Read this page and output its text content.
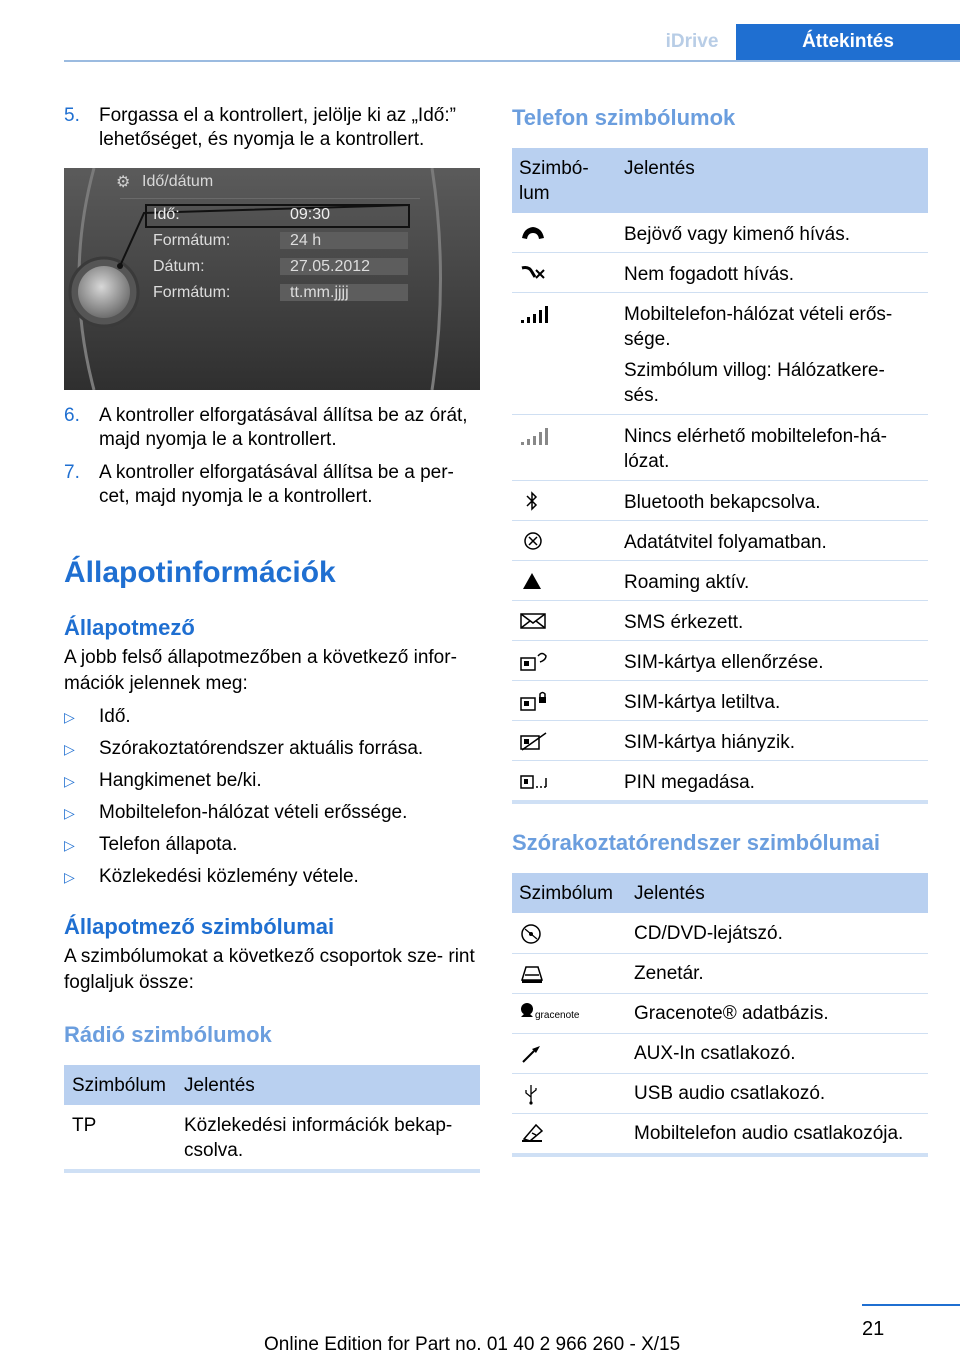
iDrive	Áttekintés
5. Forgassa el a kontrollert, jelölje ki az „Idő:” lehetőséget, és nyomja le a kontrollert.
⚙ Idő/dátum
Idő:	09:30
Formátum:	24 h
Dátum:	27.05.2012
Formátum:	tt.mm.jjjj
6. A kontroller elforgatásával állítsa be az órát, majd nyomja le a kontrollert.
7. A kontroller elforgatásával állítsa be a per- cet, majd nyomja le a kontrollert.
Állapotinformációk
Állapotmező
A jobb felső állapotmezőben a következő infor- mációk jelennek meg:
▷ Idő.
▷ Szórakoztatórendszer aktuális forrása.
▷ Hangkimenet be/ki.
▷ Mobiltelefon-hálózat vételi erőssége.
▷ Telefon állapota.
▷ Közlekedési közlemény vétele.
Állapotmező szimbólumai
A szimbólumokat a következő csoportok sze- rint foglaljuk össze:
Rádió szimbólumok
Szimbólum Jelentés
TP	Közlekedési információk bekap- csolva.
Telefon szimbólumok
Szimbó- lum
Jelentés
Bejövő vagy kimenő hívás.
Nem fogadott hívás.
Mobiltelefon-hálózat vételi erős- sége.
Szimbólum villog: Hálózatkere- sés.
Nincs elérhető mobiltelefon-há- lózat.
Bluetooth bekapcsolva.
Adatátvitel folyamatban.
Roaming aktív.
SMS érkezett.
SIM-kártya ellenőrzése.
SIM-kártya letiltva.
SIM-kártya hiányzik.
PIN megadása.
Szórakoztatórendszer szimbólumai
Szimbólum Jelentés
CD/DVD-lejátszó.
Zenetár.
gracenote	Gracenote® adatbázis.
AUX-In csatlakozó.
USB audio csatlakozó.
Mobiltelefon audio csatlakozója.
21
Online Edition for Part no. 01 40 2 966 260 - X/15
